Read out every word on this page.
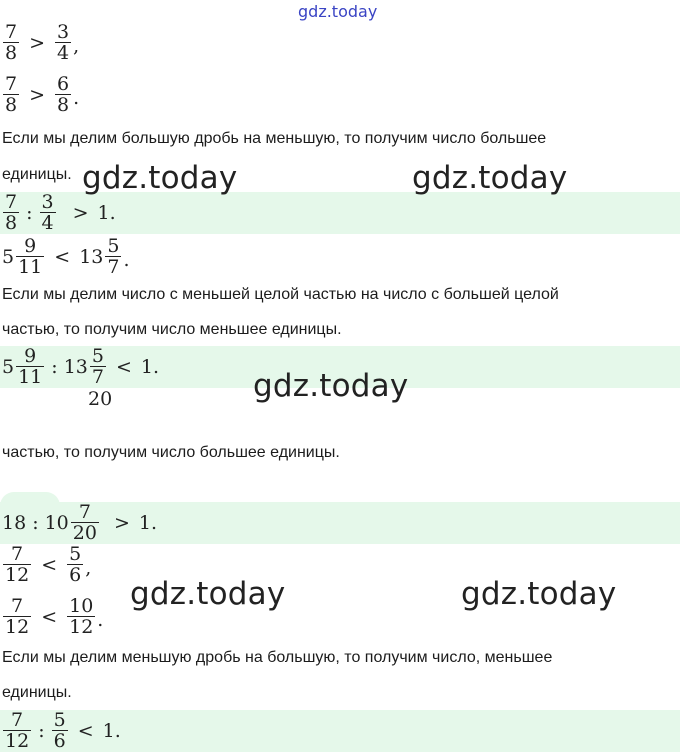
gdz.today
$\frac{7}{8} > \frac{3}{4}$ ,
$\frac{7}{8} > \frac{6}{8}$ .
Если мы делим большую дробь на меньшую, то получим число большее
единицы. gdz.today	gdz.today
$\frac{7}{8}$ : $\frac{3}{4} > 1$.
$5 \frac{9}{11} < 13 \frac{5}{7}$ .
Если мы делим число с меньшей целой частью на число с большей целой
частью, то получим число меньшее единицы.
$5 \frac{9}{11}$ : $13 \frac{5}{7} < 1$.
20	gdz.today
частью, то получим число большее единицы.
18 : $10 \frac{7}{20} > 1$.
$\frac{7}{12} < \frac{5}{6}$ ,
$\frac{7}{12} < \frac{10}{12}$ .
gdz.today	gdz.today
Если мы делим меньшую дробь на большую, то получим число, меньшее
единицы.
$\frac{7}{12}$ : $\frac{5}{6} < 1$.
